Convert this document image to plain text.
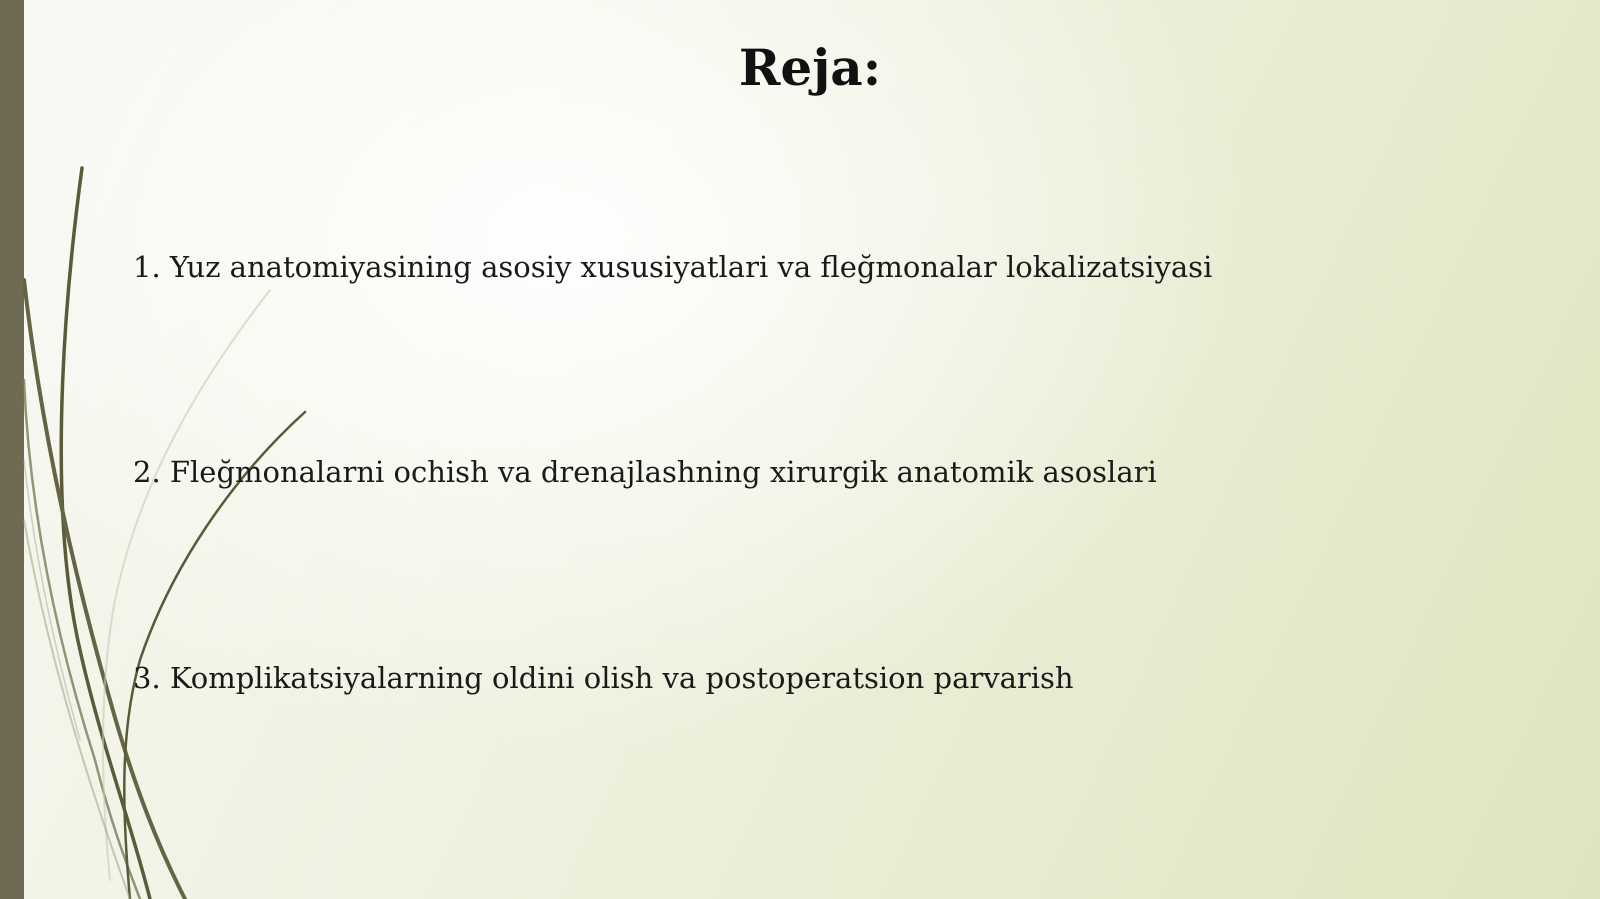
Reja:
1. Yuz anatomiyasining asosiy xususiyatlari va fleğmonalar lokalizatsiyasi
2. Fleğmonalarni ochish va drenajlashning xirurgik anatomik asoslari
3. Komplikatsiyalarning oldini olish va postoperatsion parvarish
